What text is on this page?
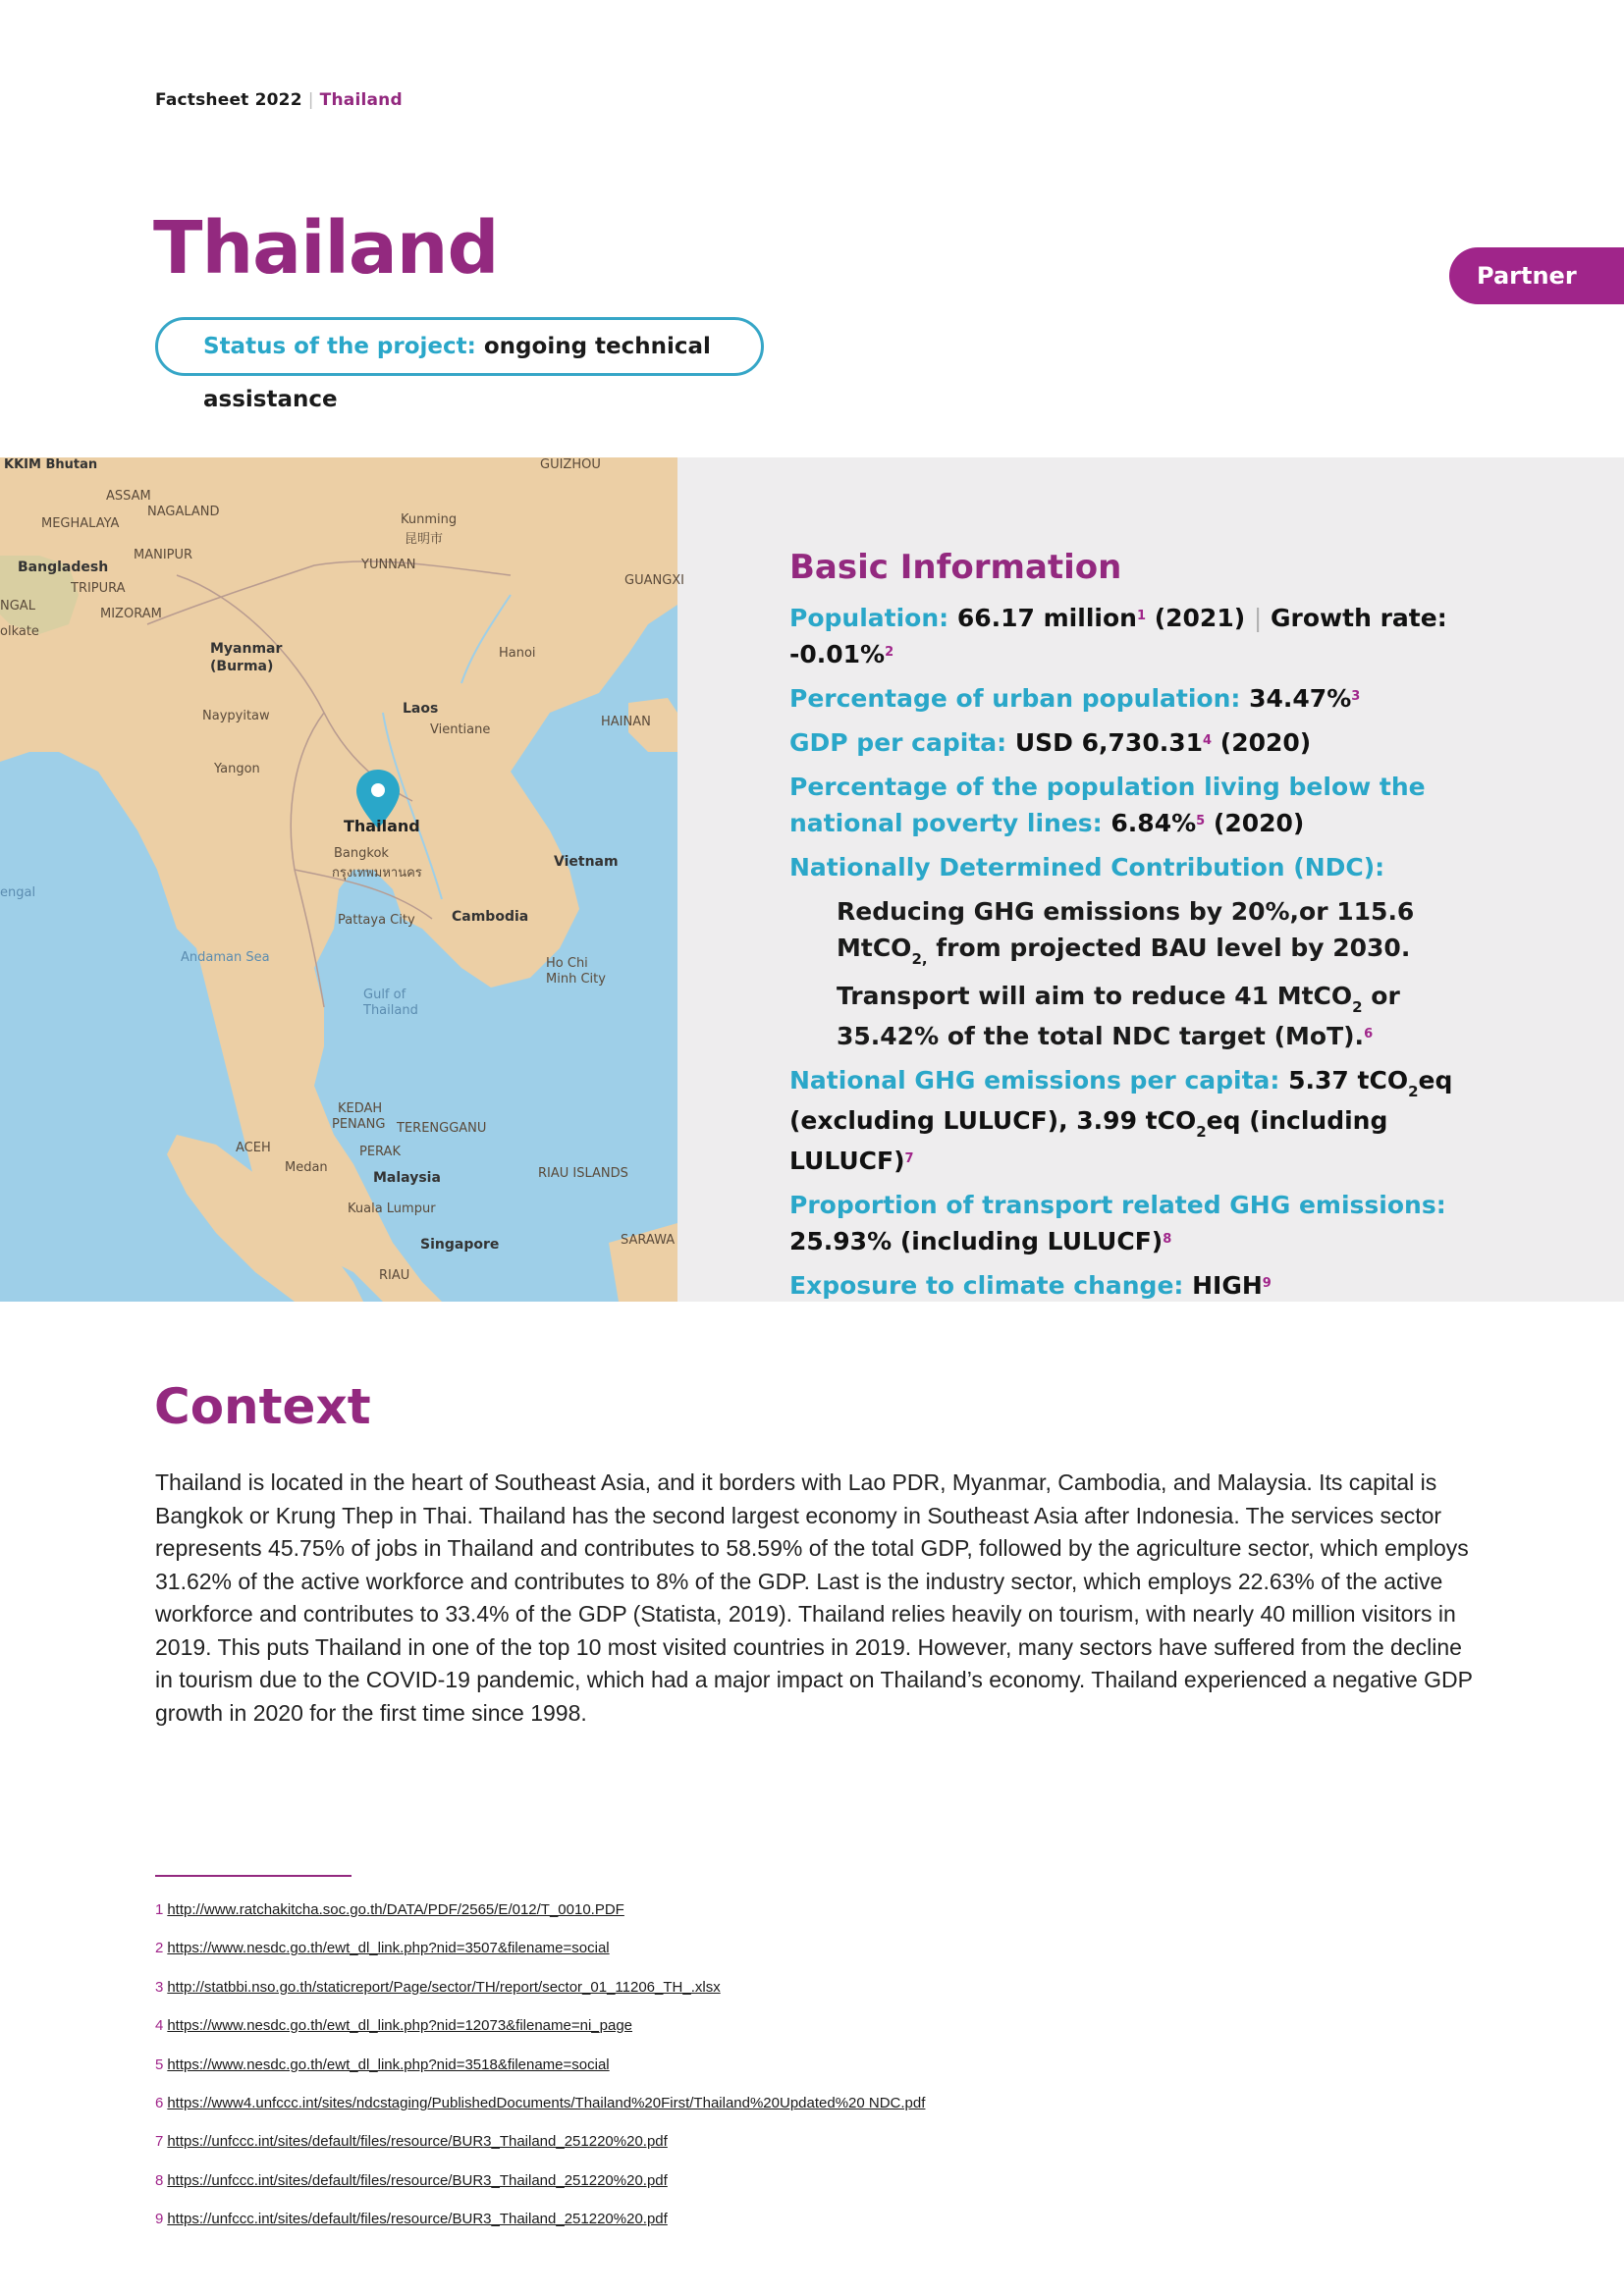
Factsheet 2022 | Thailand
Thailand	Partner city
Status of the project: ongoing technical assistance
KKIM Bhutan
ASSAM
NAGALAND
MEGHALAYA
MANIPUR
Bangladesh
TRIPURA
NGAL
MIZORAM
olkate
GUIZHOU
Kunming
昆明市
YUNNAN
GUANGXI
Myanmar
(Burma)
Hanoi
Naypyitaw	Laos
Vientiane
HAINAN
Yangon
Thailand
Bangkok
กรุงเทพมหานคร
Vietnam
engal
Pattaya City	Cambodia
Andaman Sea	Ho Chi
Minh City
Gulf of
Thailand
KEDAH
PENANG TERENGGANU
ACEH	PERAK
Medan
Malaysia	RIAU ISLANDS
Kuala Lumpur
SARAWA
Singapore
RIAU
Basic Information
Population: 66.17 million$^1$ (2021) | Growth rate: -0.01%$^2$
Percentage of urban population: 34.47%$^3$
GDP per capita: USD 6,730.31$^4$ (2020)
Percentage of the population living below the national poverty lines: 6.84%$^5$ (2020)
Nationally Determined Contribution (NDC):
Reducing GHG emissions by 20%,or 115.6 MtCO$_{2,}$ from projected BAU level by 2030.
Transport will aim to reduce 41 MtCO$_2$ or 35.42% of the total NDC target (MoT).$^6$
National GHG emissions per capita: 5.37 tCO$_2$eq (excluding LULUCF), 3.99 tCO$_2$eq (including LULUCF)$^7$
Proportion of transport related GHG emissions: 25.93% (including LULUCF)$^8$
Exposure to climate change: HIGH$^9$
Context
Thailand is located in the heart of Southeast Asia, and it borders with Lao PDR, Myanmar, Cambodia, and Malaysia. Its capital is Bangkok or Krung Thep in Thai. Thailand has the second largest economy in Southeast Asia after Indonesia. The services sector represents 45.75% of jobs in Thailand and contributes to 58.59% of the total GDP, followed by the agriculture sector, which employs 31.62% of the active workforce and contributes to 8% of the GDP. Last is the industry sector, which employs 22.63% of the active workforce and contributes to 33.4% of the GDP (Statista, 2019). Thailand relies heavily on tourism, with nearly 40 million visitors in 2019. This puts Thailand in one of the top 10 most visited countries in 2019. However, many sectors have suffered from the decline in tourism due to the COVID-19 pandemic, which had a major impact on Thailand’s economy. Thailand experienced a negative GDP growth in 2020 for the first time since 1998.
1 http://www.ratchakitcha.soc.go.th/DATA/PDF/2565/E/012/T_0010.PDF
2 https://www.nesdc.go.th/ewt_dl_link.php?nid=3507&filename=social
3 http://statbbi.nso.go.th/staticreport/Page/sector/TH/report/sector_01_11206_TH_.xlsx
4 https://www.nesdc.go.th/ewt_dl_link.php?nid=12073&filename=ni_page
5 https://www.nesdc.go.th/ewt_dl_link.php?nid=3518&filename=social
6 https://www4.unfccc.int/sites/ndcstaging/PublishedDocuments/Thailand%20First/Thailand%20Updated%20 NDC.pdf
7 https://unfccc.int/sites/default/files/resource/BUR3_Thailand_251220%20.pdf
8 https://unfccc.int/sites/default/files/resource/BUR3_Thailand_251220%20.pdf
9 https://unfccc.int/sites/default/files/resource/BUR3_Thailand_251220%20.pdf
